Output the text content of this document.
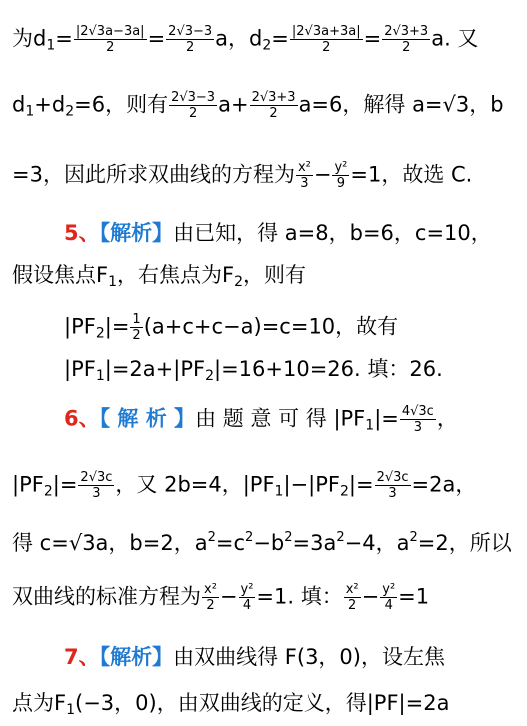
为$d_1= \frac{|2√3a-3a|}{2} = \frac{2√3-3}{2}$ a，$d_2= \frac{|2√3a+3a|}{2} = \frac{2√3+3}{2} a$. 又
$d_1+d_2=6$，则有 $\frac{2√3-3}{2} a+ \frac{2√3+3}{2} a=6$，解得 a=√3，b
=3，因此所求双曲线的方程为 $\frac{\text{x²}}{3} - \frac{\text{y²}}{9} =1$，故选 C.
5、【解析】由已知，得 a=8，b=6，c=10，
假设焦点$F_1$，右焦点为$F_2$，则有
$|PF_2|= \frac{1}{2} (a+c+c-a)=c=10$，故有
$|PF_1|=2a+|PF_2|=16+10=26$. 填：26.
6、【 解 析 】由 题 意 可 得 $|PF_1|= \frac{4√3c}{3}$ ，
$|PF_2|= \frac{2√3c}{3}$ ，又 2b=4，$|PF_1|-|PF_2|= \frac{2√3c}{3} =2a$，
得 c=√3a，b=2，$a^2=c^2-b^2=3a^2-4$，$a^2=2$，所以
双曲线的标准方程为 $\frac{\text{x²}}{2} - \frac{\text{y²}}{4} =1$. 填： $\frac{\text{x²}}{2} - \frac{\text{y²}}{4} =1$
7、【解析】由双曲线得 F(3，0)，设左焦
点为$F_1(-3$，0)，由双曲线的定义，得|PF|=2a
